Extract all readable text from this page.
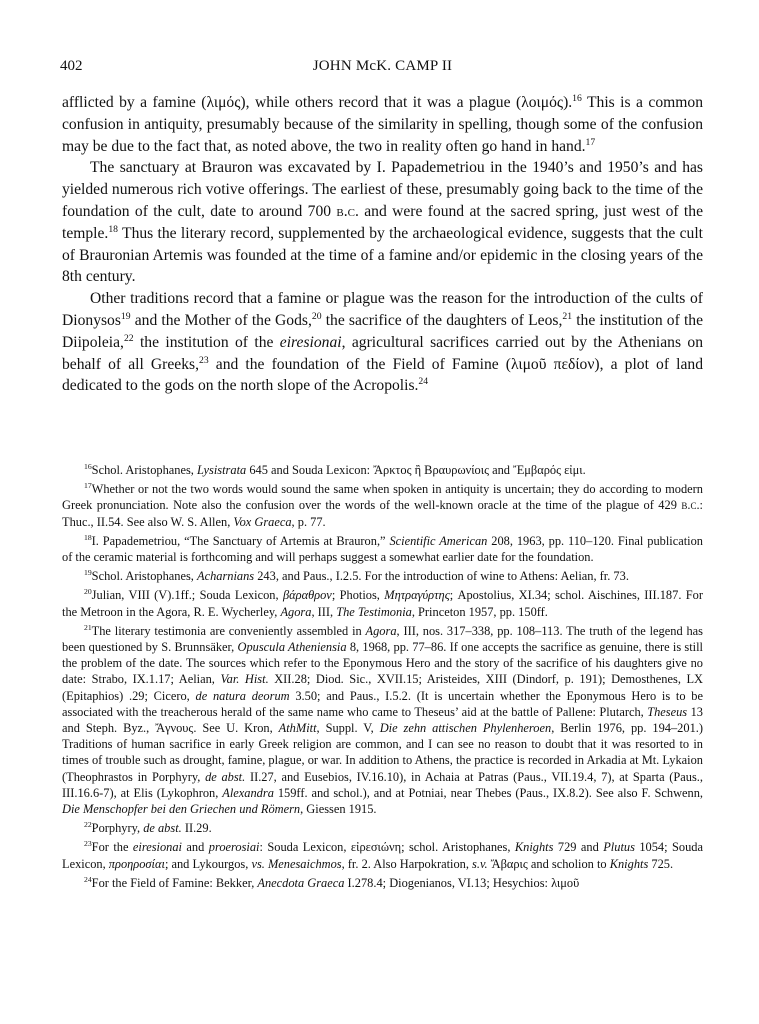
402	JOHN McK. CAMP II

afflicted by a famine (λιμός), while others record that it was a plague (λοιμός).$^{16}$ This is a common confusion in antiquity, presumably because of the similarity in spelling, though some of the confusion may be due to the fact that, as noted above, the two in reality often go hand in hand.$^{17}$

The sanctuary at Brauron was excavated by I. Papademetriou in the 1940’s and 1950’s and has yielded numerous rich votive offerings. The earliest of these, presumably going back to the time of the foundation of the cult, date to around 700 b.c. and were found at the sacred spring, just west of the temple.$^{18}$ Thus the literary record, supplemented by the archaeological evidence, suggests that the cult of Brauronian Artemis was founded at the time of a famine and/or epidemic in the closing years of the 8th century.

Other traditions record that a famine or plague was the reason for the introduction of the cults of Dionysos$^{19}$ and the Mother of the Gods,$^{20}$ the sacrifice of the daughters of Leos,$^{21}$ the institution of the Diipoleia,$^{22}$ the institution of the eiresionai, agricultural sacrifices carried out by the Athenians on behalf of all Greeks,$^{23}$ and the foundation of the Field of Famine (λιμοῦ πεδίον), a plot of land dedicated to the gods on the north slope of the Acropolis.$^{24}$

$^{16}$Schol. Aristophanes, Lysistrata 645 and Souda Lexicon: Ἄρκτος ἢ Βραυρωνίοις and Ἔμβαρός εἰμι.

$^{17}$Whether or not the two words would sound the same when spoken in antiquity is uncertain; they do according to modern Greek pronunciation. Note also the confusion over the words of the well-known oracle at the time of the plague of 429 b.c.: Thuc., II.54. See also W. S. Allen, Vox Graeca, p. 77.

$^{18}$I. Papademetriou, “The Sanctuary of Artemis at Brauron,” Scientific American 208, 1963, pp. 110–120. Final publication of the ceramic material is forthcoming and will perhaps suggest a somewhat earlier date for the foundation.

$^{19}$Schol. Aristophanes, Acharnians 243, and Paus., I.2.5. For the introduction of wine to Athens: Aelian, fr. 73.

$^{20}$Julian, VIII (V).1ff.; Souda Lexicon, βάραθρον; Photios, Μητραγύρτης; Apostolius, XI.34; schol. Aischines, III.187. For the Metroon in the Agora, R. E. Wycherley, Agora, III, The Testimonia, Princeton 1957, pp. 150ff.

$^{21}$The literary testimonia are conveniently assembled in Agora, III, nos. 317–338, pp. 108–113. The truth of the legend has been questioned by S. Brunnsäker, Opuscula Atheniensia 8, 1968, pp. 77–86. If one accepts the sacrifice as genuine, there is still the problem of the date. The sources which refer to the Eponymous Hero and the story of the sacrifice of his daughters give no date: Strabo, IX.1.17; Aelian, Var. Hist. XII.28; Diod. Sic., XVII.15; Aristeides, XIII (Dindorf, p. 191); Demosthenes, LX (Epitaphios) .29; Cicero, de natura deorum 3.50; and Paus., I.5.2. (It is uncertain whether the Eponymous Hero is to be associated with the treacherous herald of the same name who came to Theseus’ aid at the battle of Pallene: Plutarch, Theseus 13 and Steph. Byz., Ἄγνους. See U. Kron, AthMitt, Suppl. V, Die zehn attischen Phylenheroen, Berlin 1976, pp. 194–201.) Traditions of human sacrifice in early Greek religion are common, and I can see no reason to doubt that it was resorted to in times of trouble such as drought, famine, plague, or war. In addition to Athens, the practice is recorded in Arkadia at Mt. Lykaion (Theophrastos in Porphyry, de abst. II.27, and Eusebios, IV.16.10), in Achaia at Patras (Paus., VII.19.4, 7), at Sparta (Paus., III.16.6-7), at Elis (Lykophron, Alexandra 159ff. and schol.), and at Potniai, near Thebes (Paus., IX.8.2). See also F. Schwenn, Die Menschopfer bei den Griechen und Römern, Giessen 1915.

$^{22}$Porphyry, de abst. II.29.

$^{23}$For the eiresionai and proerosiai: Souda Lexicon, εἰρεσιώνη; schol. Aristophanes, Knights 729 and Plutus 1054; Souda Lexicon, προηροσίαι; and Lykourgos, vs. Menesaichmos, fr. 2. Also Harpokration, s.v. Ἄβαρις and scholion to Knights 725.

$^{24}$For the Field of Famine: Bekker, Anecdota Graeca I.278.4; Diogenianos, VI.13; Hesychios: λιμοῦ
